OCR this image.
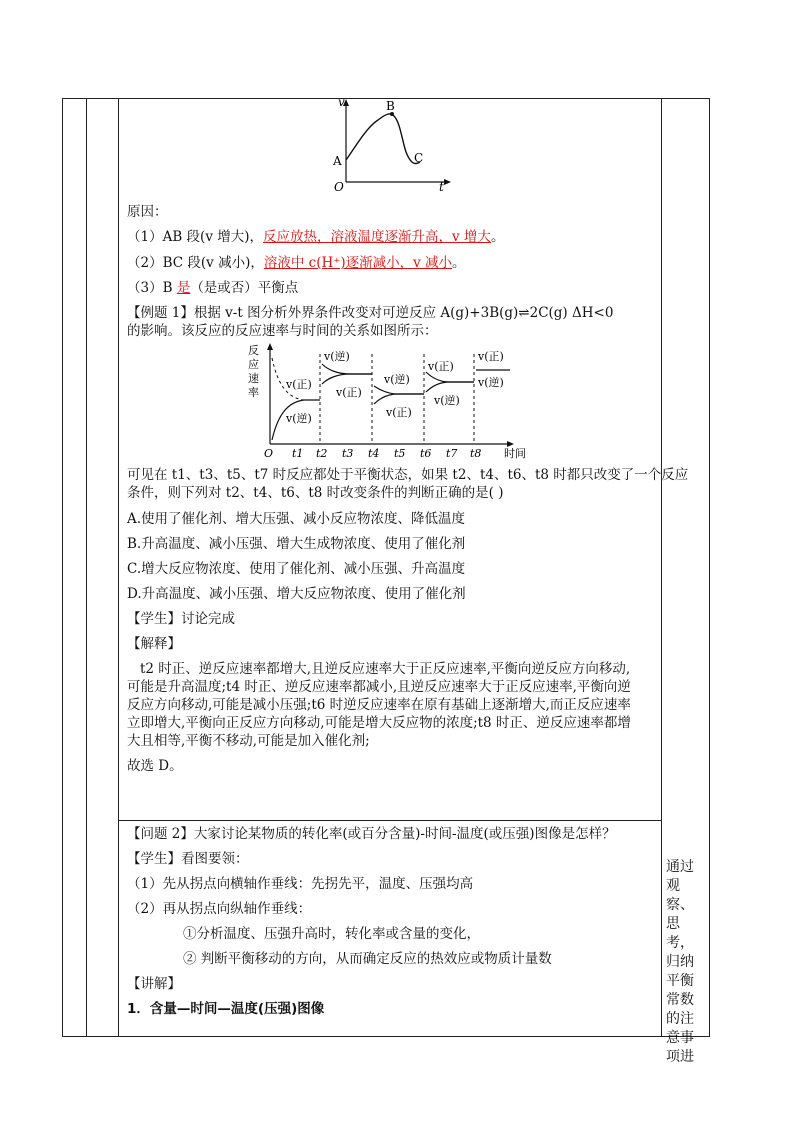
v
t
O
A
B
C
原因：
（1）AB 段(v 增大)，反应放热，溶液温度逐渐升高，v 增大。
（2）BC 段(v 减小)，溶液中 c(H⁺)逐渐减小，v 减小。
（3）B 是（是或否）平衡点
【例题 1】根据 v-t 图分析外界条件改变对可逆反应 A(g)+3B(g)⇌2C(g) ΔH<0
的影响。该反应的反应速率与时间的关系如图所示：
反
应
速
率
时间
O t1 t2 t3 t4 t5 t6 t7 t8
v(正)
v(逆)
v(逆)
v(正)
v(逆)
v(正)
v(正)
v(逆)
v(正)
v(逆)
可见在 t1、t3、t5、t7 时反应都处于平衡状态，如果 t2、t4、t6、t8 时都只改变了一个反应
条件，则下列对 t2、t4、t6、t8 时改变条件的判断正确的是( )
A.使用了催化剂、增大压强、减小反应物浓度、降低温度
B.升高温度、减小压强、增大生成物浓度、使用了催化剂
C.增大反应物浓度、使用了催化剂、减小压强、升高温度
D.升高温度、减小压强、增大反应物浓度、使用了催化剂
【学生】讨论完成
【解释】
t2 时正、逆反应速率都增大,且逆反应速率大于正反应速率,平衡向逆反应方向移动,
可能是升高温度;t4 时正、逆反应速率都减小,且逆反应速率大于正反应速率,平衡向逆
反应方向移动,可能是减小压强;t6 时逆反应速率在原有基础上逐渐增大,而正反应速率
立即增大,平衡向正反应方向移动,可能是增大反应物的浓度;t8 时正、逆反应速率都增
大且相等,平衡不移动,可能是加入催化剂;
故选 D。
【问题 2】大家讨论某物质的转化率(或百分含量)-时间-温度(或压强)图像是怎样？
【学生】看图要领：
（1）先从拐点向横轴作垂线：先拐先平，温度、压强均高
（2）再从拐点向纵轴作垂线：
①分析温度、压强升高时，转化率或含量的变化，
② 判断平衡移动的方向，从而确定反应的热效应或物质计量数
【讲解】
1．含量—时间—温度(压强)图像
通过
观
察、
思
考，
归纳
平衡
常数
的注
意事
项进
